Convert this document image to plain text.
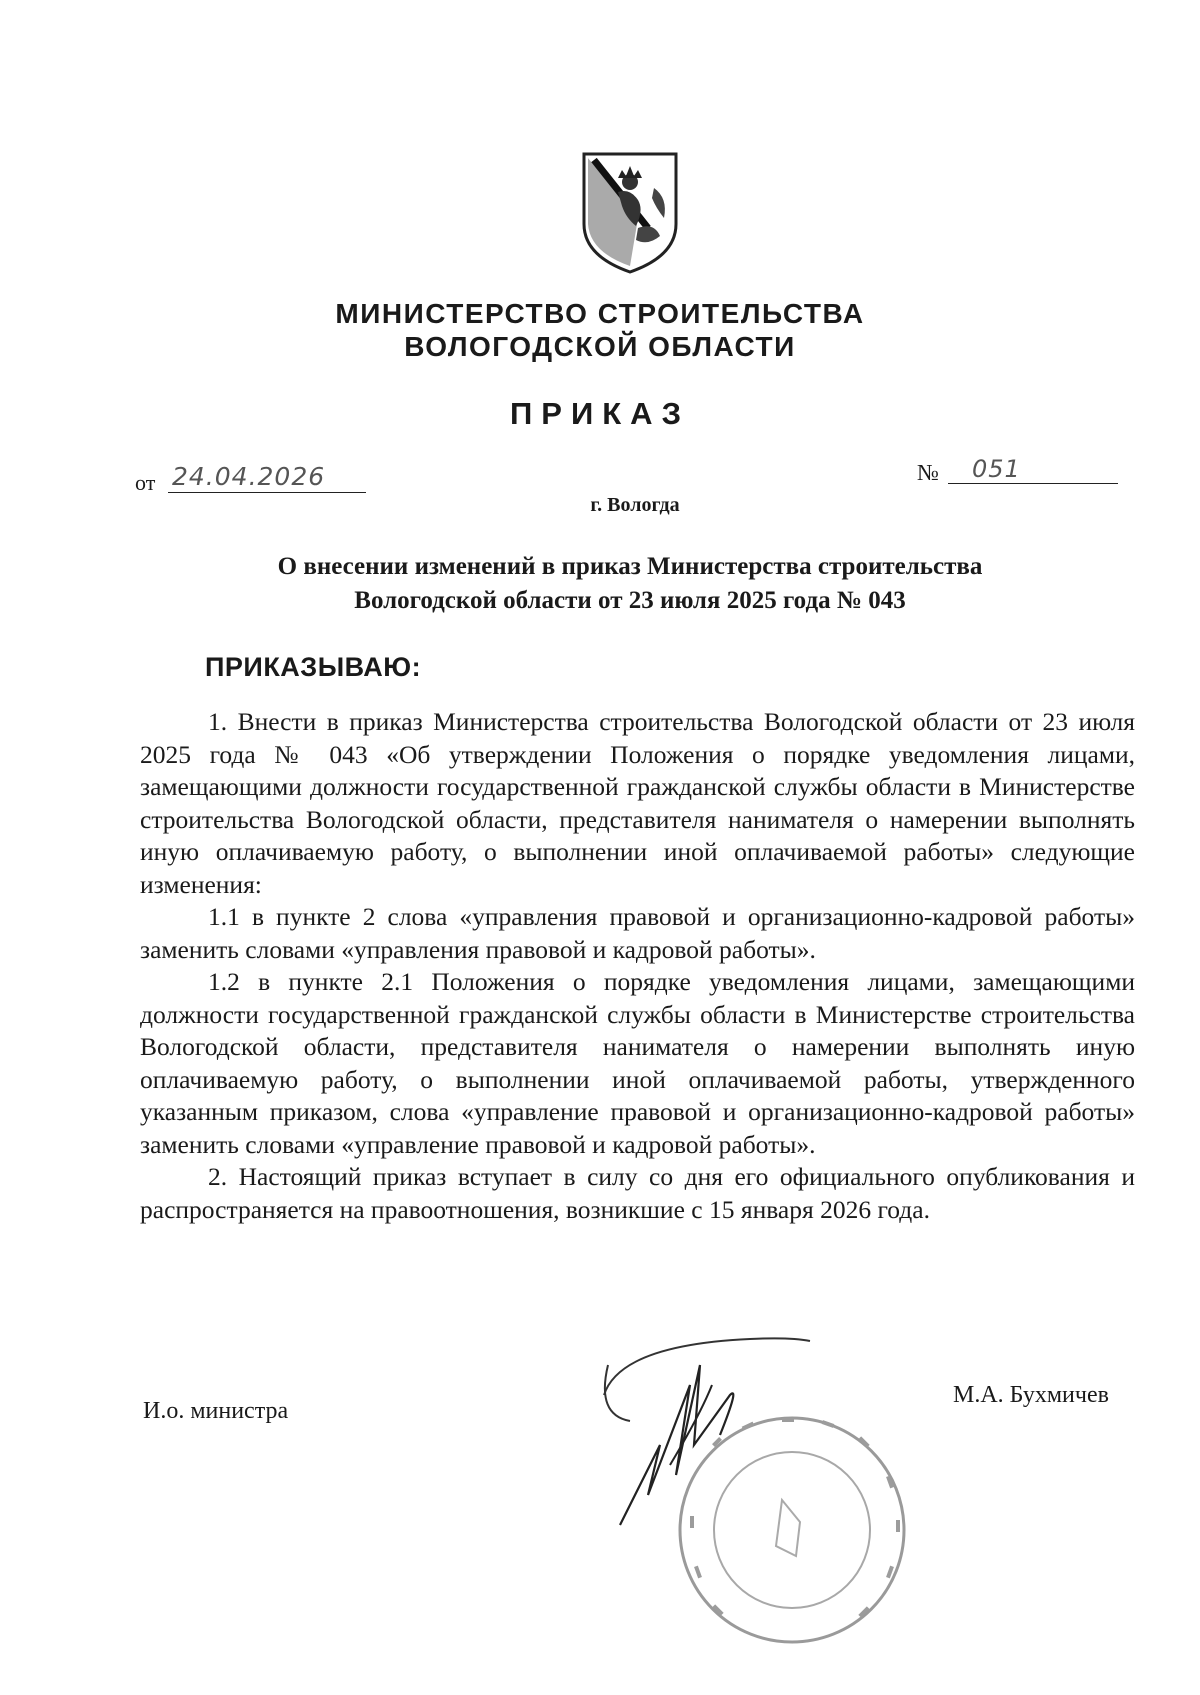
МИНИСТЕРСТВО СТРОИТЕЛЬСТВА
ВОЛОГОДСКОЙ ОБЛАСТИ
ПРИКАЗ
от 24.04.2026	№ 051
г. Вологда
О внесении изменений в приказ Министерства строительства
Вологодской области от 23 июля 2025 года № 043
ПРИКАЗЫВАЮ:

1. Внести в приказ Министерства строительства Вологодской области от 23 июля 2025 года № 043 «Об утверждении Положения о порядке уведомления лицами, замещающими должности государственной гражданской службы области в Министерстве строительства Вологодской области, представителя нанимателя о намерении выполнять иную оплачиваемую работу, о выполнении иной оплачиваемой работы» следующие изменения:

1.1 в пункте 2 слова «управления правовой и организационно-кадровой работы» заменить словами «управления правовой и кадровой работы».

1.2 в пункте 2.1 Положения о порядке уведомления лицами, замещающими должности государственной гражданской службы области в Министерстве строительства Вологодской области, представителя нанимателя о намерении выполнять иную оплачиваемую работу, о выполнении иной оплачиваемой работы, утвержденного указанным приказом, слова «управление правовой и организационно-кадровой работы» заменить словами «управление правовой и кадровой работы».

2. Настоящий приказ вступает в силу со дня его официального опубликования и распространяется на правоотношения, возникшие с 15 января 2026 года.

И.о. министра
М.А. Бухмичев
